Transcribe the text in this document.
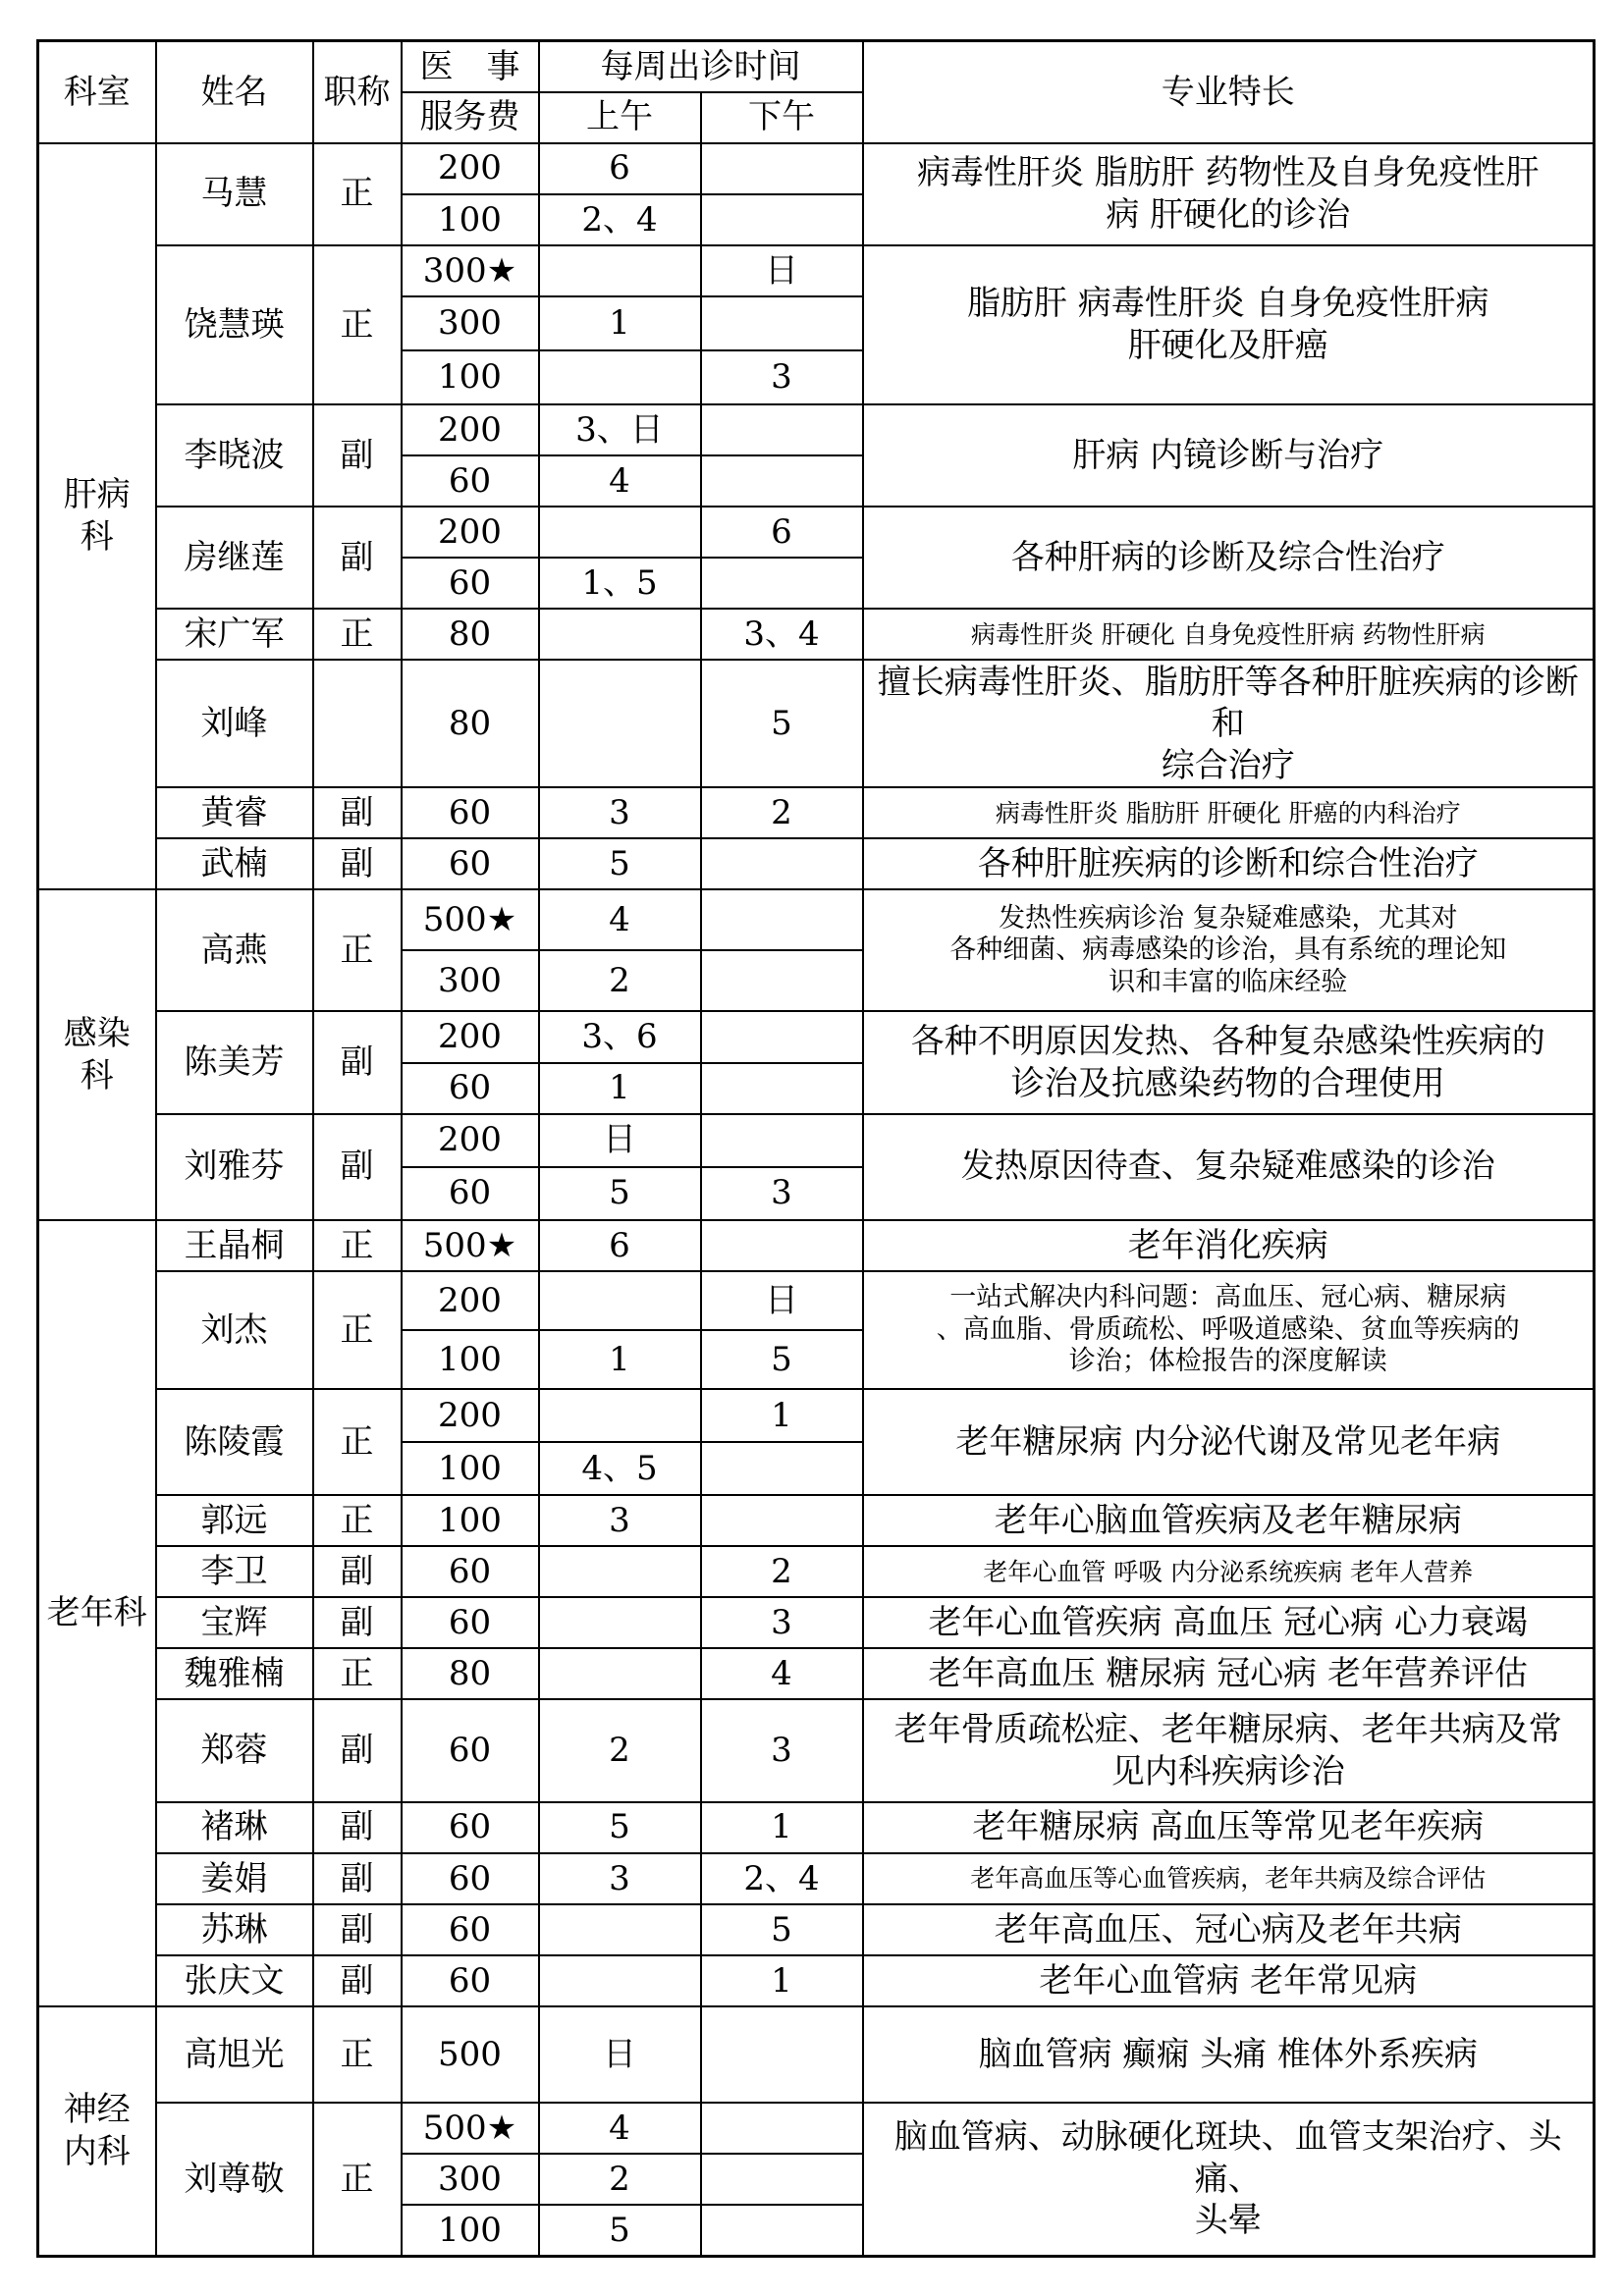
科室	姓名	职称	医　事	每周出诊时间		专业特长
			服务费	上午	下午	

肝病
科	马慧	正	200	6		病毒性肝炎 脂肪肝 药物性及自身免疫性肝
病 肝硬化的诊治

			100	2、4		
	饶慧瑛	正	300★		日	脂肪肝 病毒性肝炎 自身免疫性肝病
肝硬化及肝癌

			300	1		
			100		3	
	李晓波	副	200	3、日		肝病 内镜诊断与治疗

			60	4		
	房继莲	副	200		6	各种肝病的诊断及综合性治疗

			60	1、5		
	宋广军	正	80		3、4	病毒性肝炎 肝硬化 自身免疫性肝病 药物性肝病

	刘峰		80		5	擅长病毒性肝炎、脂肪肝等各种肝脏疾病的诊断和
综合治疗

	黄睿	副	60	3	2	病毒性肝炎 脂肪肝 肝硬化 肝癌的内科治疗

	武楠	副	60	5		各种肝脏疾病的诊断和综合性治疗

感染
科	高燕	正	500★	4		发热性疾病诊治 复杂疑难感染，尤其对
各种细菌、病毒感染的诊治，具有系统的理论知
识和丰富的临床经验

			300	2		
	陈美芳	副	200	3、6		各种不明原因发热、各种复杂感染性疾病的
诊治及抗感染药物的合理使用

			60	1		
	刘雅芬	副	200	日		发热原因待查、复杂疑难感染的诊治

			60	5	3	

老年科	王晶桐	正	500★	6		老年消化疾病

	刘杰	正	200		日	一站式解决内科问题：高血压、冠心病、糖尿病
、高血脂、骨质疏松、呼吸道感染、贫血等疾病的
诊治；体检报告的深度解读

			100	1	5	
	陈陵霞	正	200		1	老年糖尿病 内分泌代谢及常见老年病

			100	4、5		
	郭远	正	100	3		老年心脑血管疾病及老年糖尿病

	李卫	副	60		2	老年心血管 呼吸 内分泌系统疾病 老年人营养

	宝辉	副	60		3	老年心血管疾病 高血压 冠心病 心力衰竭

	魏雅楠	正	80		4	老年高血压 糖尿病 冠心病 老年营养评估

	郑蓉	副	60	2	3	老年骨质疏松症、老年糖尿病、老年共病及常
见内科疾病诊治

	褚琳	副	60	5	1	老年糖尿病 高血压等常见老年疾病

	姜娟	副	60	3	2、4	老年高血压等心血管疾病，老年共病及综合评估

	苏琳	副	60		5	老年高血压、冠心病及老年共病

	张庆文	副	60		1	老年心血管病 老年常见病

神经
内科	高旭光	正	500	日		脑血管病 癫痫 头痛 椎体外系疾病

	刘尊敬	正	500★	4		脑血管病、动脉硬化斑块、血管支架治疗、头痛、
头晕

			300	2		
			100	5		
